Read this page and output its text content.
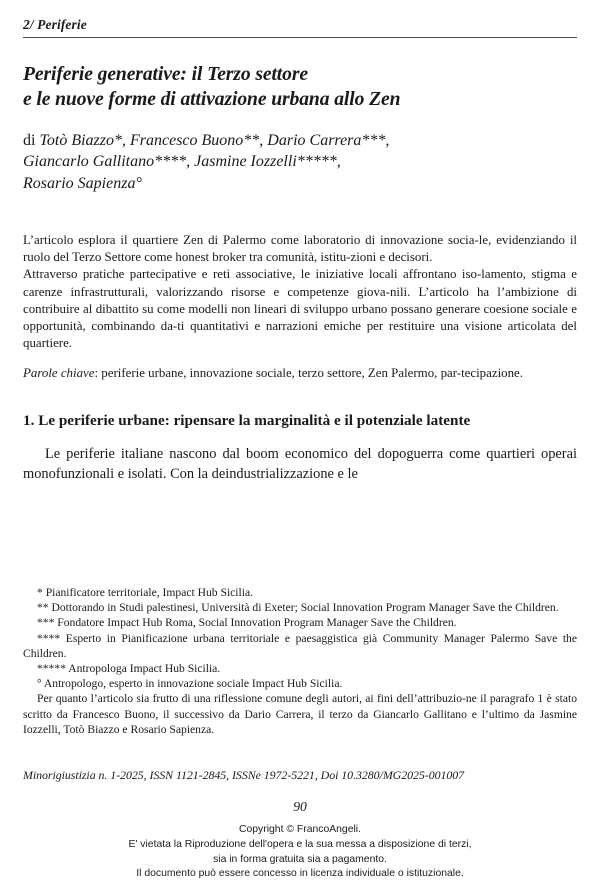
2/ Periferie
Periferie generative: il Terzo settore
e le nuove forme di attivazione urbana allo Zen
di Totò Biazzo*, Francesco Buono**, Dario Carrera***,
Giancarlo Gallitano****, Jasmine Iozzelli*****,
Rosario Sapienza°

L’articolo esplora il quartiere Zen di Palermo come laboratorio di innovazione socia-le, evidenziando il ruolo del Terzo Settore come honest broker tra comunità, istitu-zioni e decisori.

Attraverso pratiche partecipative e reti associative, le iniziative locali affrontano iso-lamento, stigma e carenze infrastrutturali, valorizzando risorse e competenze giova-nili. L’articolo ha l’ambizione di contribuire al dibattito su come modelli non lineari di sviluppo urbano possano generare coesione sociale e opportunità, combinando da-ti quantitativi e narrazioni emiche per restituire una visione articolata del quartiere.

Parole chiave: periferie urbane, innovazione sociale, terzo settore, Zen Palermo, par-tecipazione.
1. Le periferie urbane: ripensare la marginalità e il potenziale latente

Le periferie italiane nascono dal boom economico del dopoguerra come quartieri operai monofunzionali e isolati. Con la deindustrializzazione e le

* Pianificatore territoriale, Impact Hub Sicilia.

** Dottorando in Studi palestinesi, Università di Exeter; Social Innovation Program Manager Save the Children.

*** Fondatore Impact Hub Roma, Social Innovation Program Manager Save the Children.

**** Esperto in Pianificazione urbana territoriale e paesaggistica già Community Manager Palermo Save the Children.

***** Antropologa Impact Hub Sicilia.

° Antropologo, esperto in innovazione sociale Impact Hub Sicilia.

Per quanto l’articolo sia frutto di una riflessione comune degli autori, ai fini dell’attribuzio-ne il paragrafo 1 è stato scritto da Francesco Buono, il successivo da Dario Carrera, il terzo da Giancarlo Gallitano e l’ultimo da Jasmine Iozzelli, Totò Biazzo e Rosario Sapienza.

Minorigiustizia n. 1-2025, ISSN 1121-2845, ISSNe 1972-5221, Doi 10.3280/MG2025-001007
90
Copyright © FrancoAngeli.
E' vietata la Riproduzione dell'opera e la sua messa a disposizione di terzi,
sia in forma gratuita sia a pagamento.
Il documento può essere concesso in licenza individuale o istituzionale.
